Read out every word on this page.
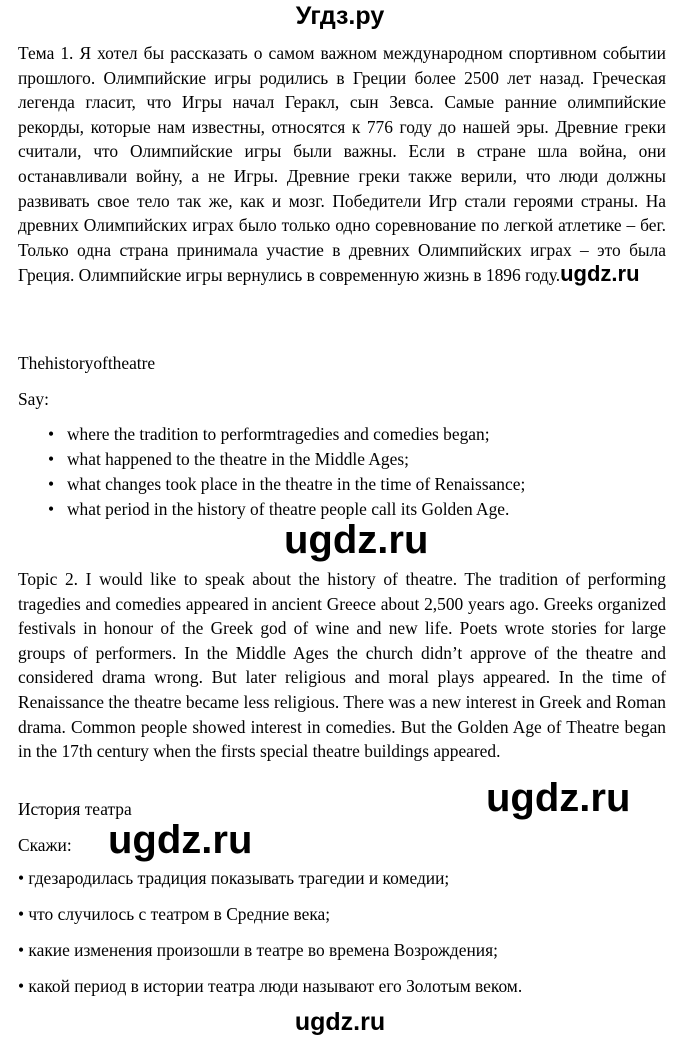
Угдз.ру

Тема 1. Я хотел бы рассказать о самом важном международном спортивном событии прошлого. Олимпийские игры родились в Греции более 2500 лет назад. Греческая легенда гласит, что Игры начал Геракл, сын Зевса. Самые ранние олимпийские рекорды, которые нам известны, относятся к 776 году до нашей эры. Древние греки считали, что Олимпийские игры были важны. Если в стране шла война, они останавливали войну, а не Игры. Древние греки также верили, что люди должны развивать свое тело так же, как и мозг. Победители Игр стали героями страны. На древних Олимпийских играх было только одно соревнование по легкой атлетике – бег. Только одна страна принимала участие в древних Олимпийских играх – это была Греция. Олимпийские игры вернулись в современную жизнь в 1896 году.ugdz.ru

Thehistoryoftheatre

Say:

• where the tradition to performtragedies and comedies began;
• what happened to the theatre in the Middle Ages;
• what changes took place in the theatre in the time of Renaissance;
• what period in the history of theatre people call its Golden Age.
ugdz.ru

Topic 2. I would like to speak about the history of theatre. The tradition of performing tragedies and comedies appeared in ancient Greece about 2,500 years ago. Greeks organized festivals in honour of the Greek god of wine and new life. Poets wrote stories for large groups of performers. In the Middle Ages the church didn’t approve of the theatre and considered drama wrong. But later religious and moral plays appeared. In the time of Renaissance the theatre became less religious. There was a new interest in Greek and Roman drama. Common people showed interest in comedies. But the Golden Age of Theatre began in the 17th century when the firsts special theatre buildings appeared.

История театра	ugdz.ru

Скажи: ugdz.ru
• гдезародилась традиция показывать трагедии и комедии;
• что случилось с театром в Средние века;
• какие изменения произошли в театре во времена Возрождения;
• какой период в истории театра люди называют его Золотым веком.
ugdz.ru
